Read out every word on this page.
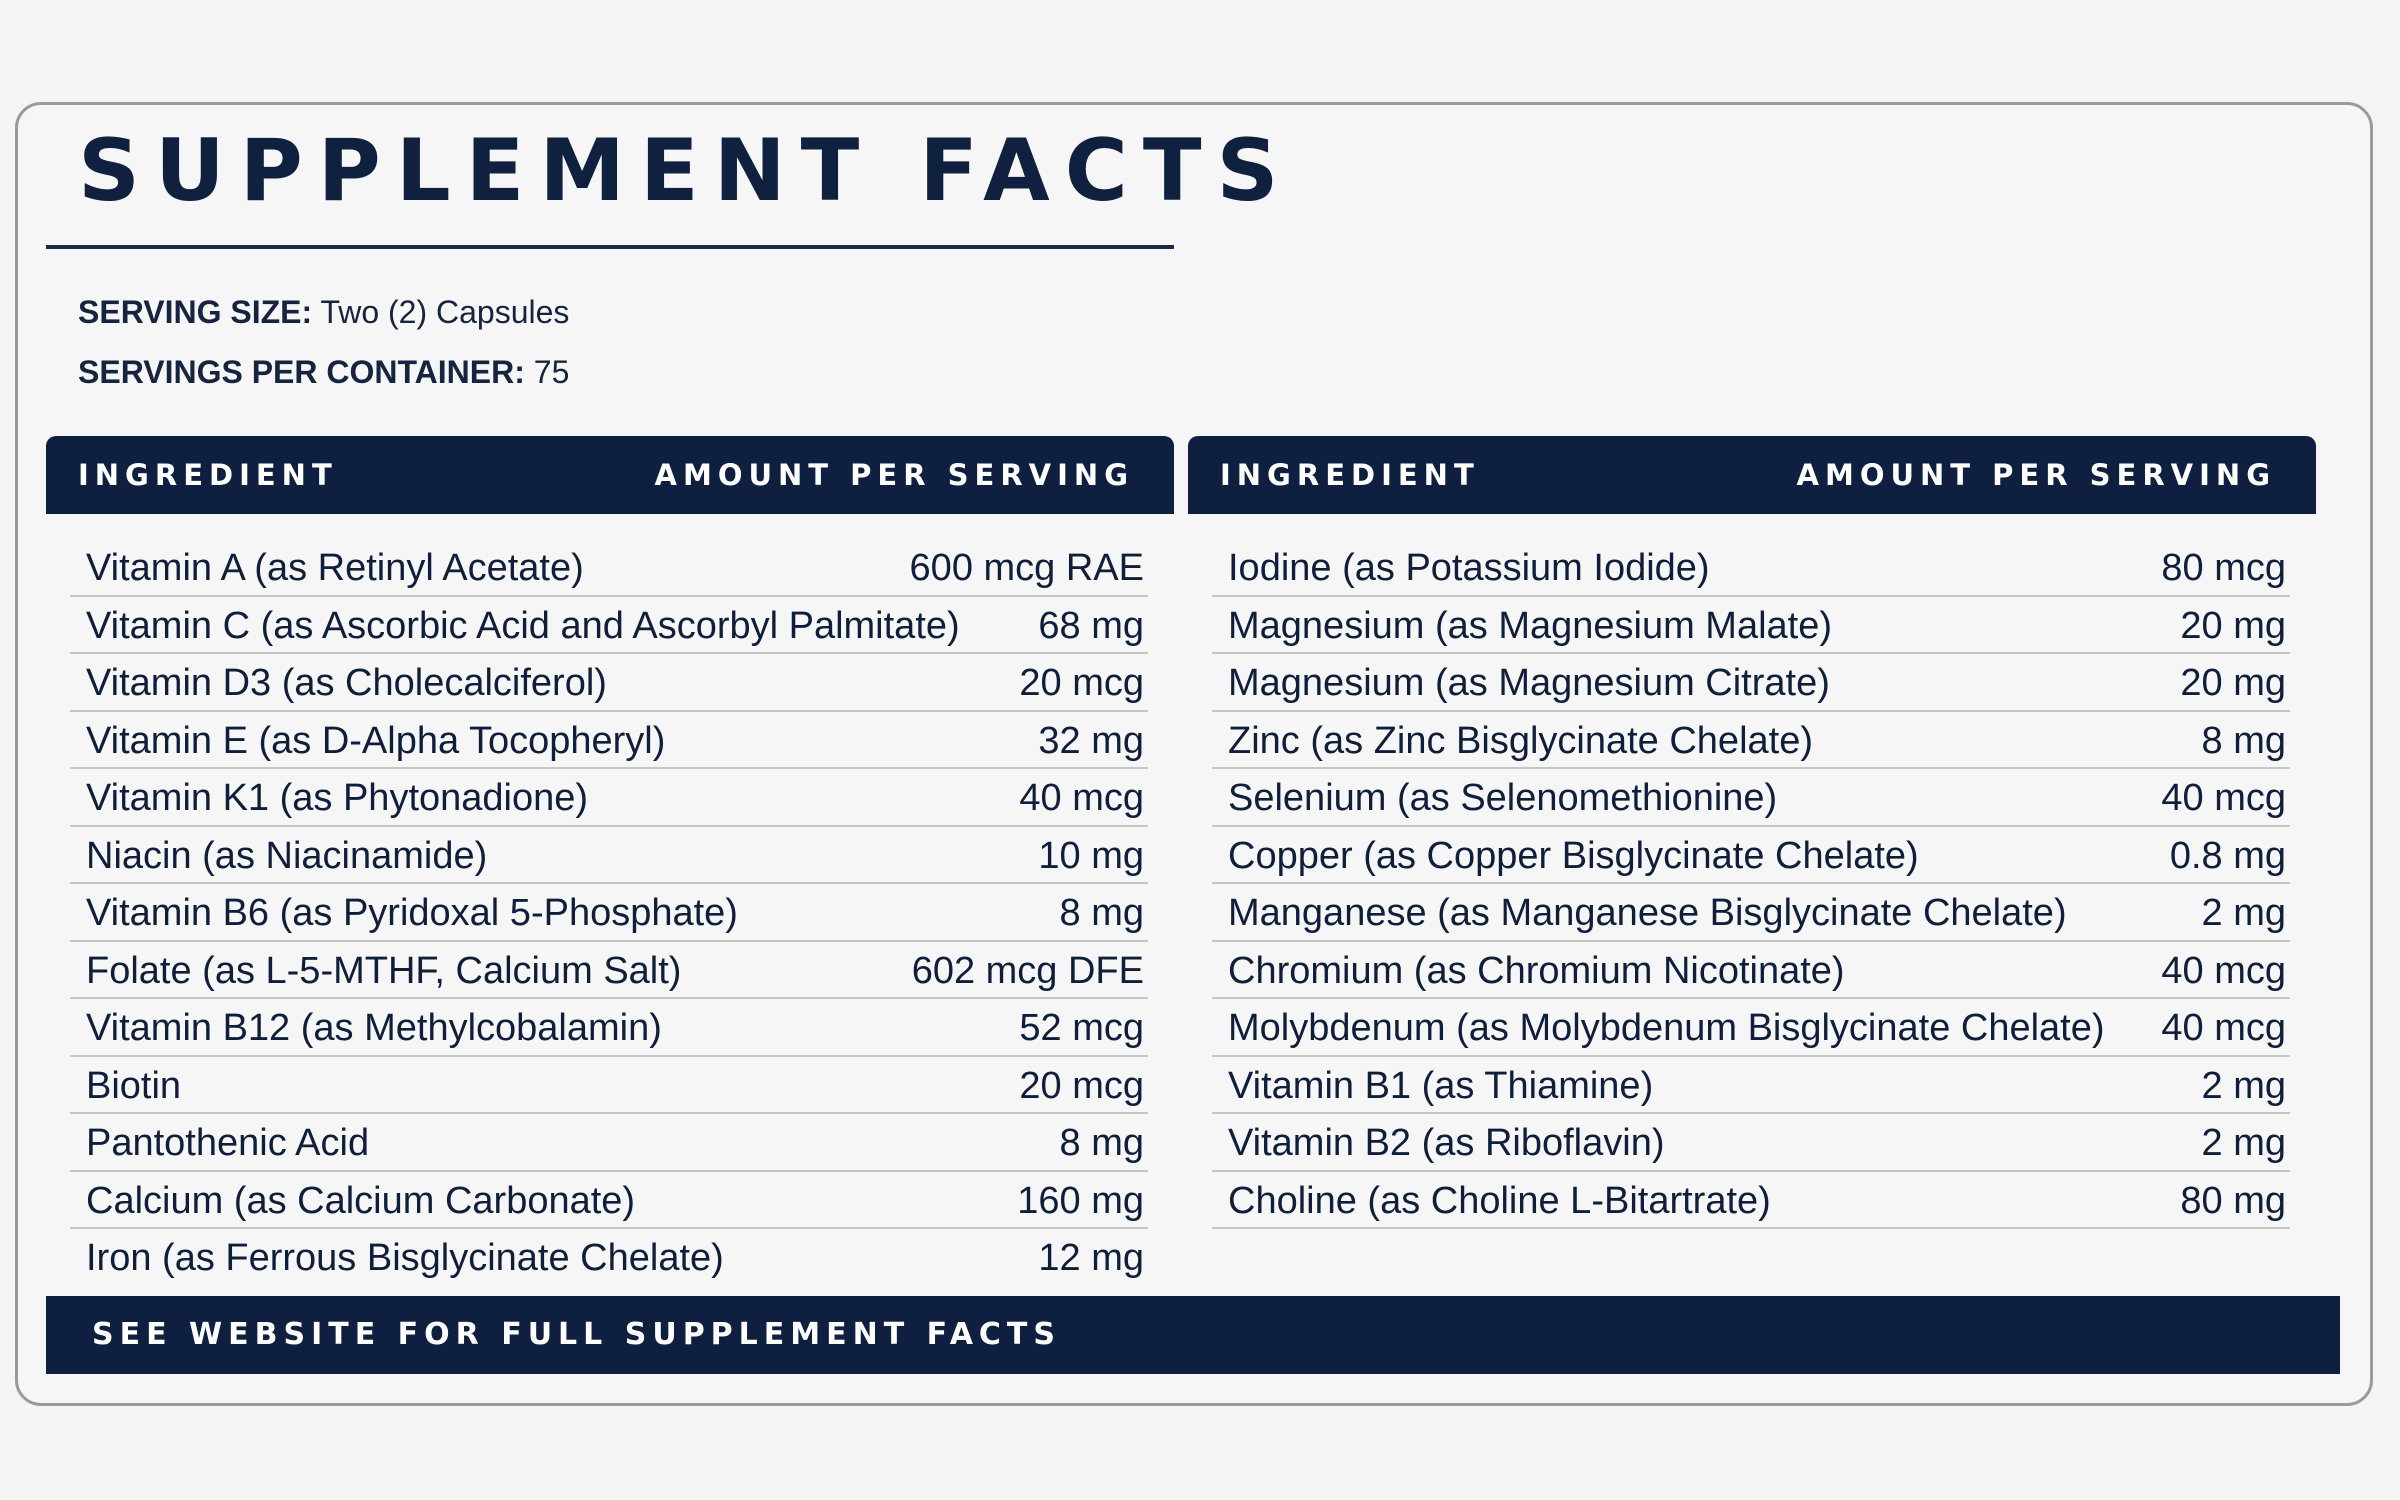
SUPPLEMENT FACTS
SERVING SIZE: Two (2) Capsules
SERVINGS PER CONTAINER: 75
INGREDIENT	AMOUNT PER SERVING	INGREDIENT	AMOUNT PER SERVING
Vitamin A (as Retinyl Acetate)	600 mcg RAE
Vitamin C (as Ascorbic Acid and Ascorbyl Palmitate) 68 mg
Vitamin D3 (as Cholecalciferol)	20 mcg
Vitamin E (as D-Alpha Tocopheryl)	32 mg
Vitamin K1 (as Phytonadione)	40 mcg
Niacin (as Niacinamide)	10 mg
Vitamin B6 (as Pyridoxal 5-Phosphate)	8 mg
Folate (as L-5-MTHF, Calcium Salt)	602 mcg DFE
Vitamin B12 (as Methylcobalamin)	52 mcg
Biotin	20 mcg
Pantothenic Acid	8 mg
Calcium (as Calcium Carbonate)	160 mg
Iron (as Ferrous Bisglycinate Chelate)	12 mg
Iodine (as Potassium Iodide)	80 mcg
Magnesium (as Magnesium Malate)	20 mg
Magnesium (as Magnesium Citrate)	20 mg
Zinc (as Zinc Bisglycinate Chelate)	8 mg
Selenium (as Selenomethionine)	40 mcg
Copper (as Copper Bisglycinate Chelate)	0.8 mg
Manganese (as Manganese Bisglycinate Chelate)	2 mg
Chromium (as Chromium Nicotinate)	40 mcg
Molybdenum (as Molybdenum Bisglycinate Chelate) 40 mcg
Vitamin B1 (as Thiamine)	2 mg
Vitamin B2 (as Riboflavin)	2 mg
Choline (as Choline L-Bitartrate)	80 mg
SEE WEBSITE FOR FULL SUPPLEMENT FACTS
